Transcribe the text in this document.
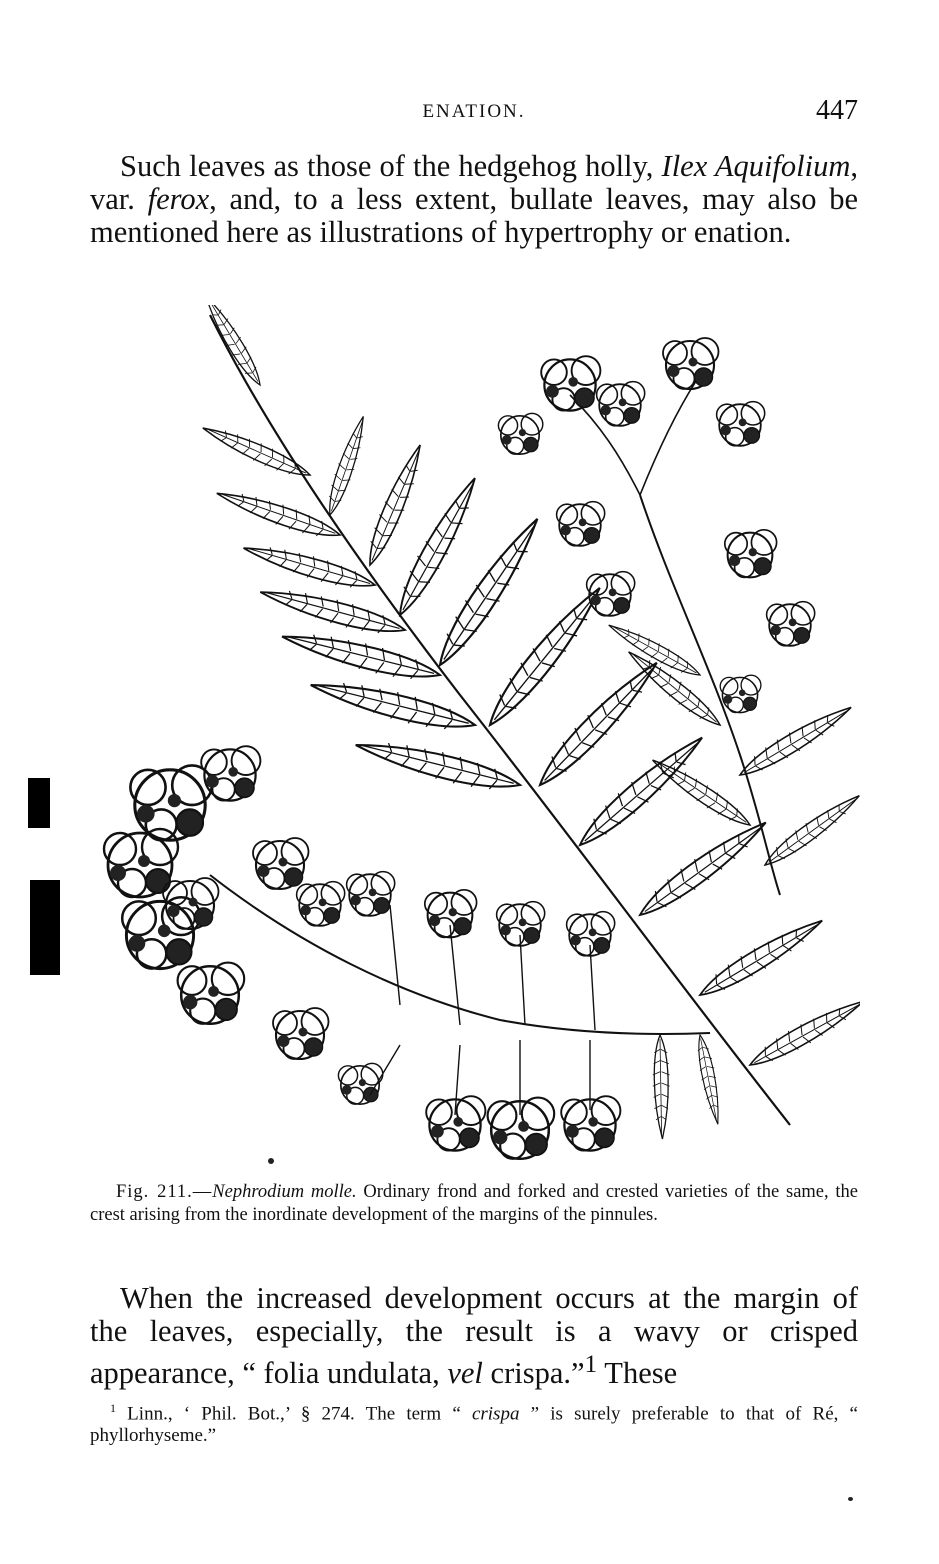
ENATION.	447

Such leaves as those of the hedgehog holly, Ilex Aquifolium, var. ferox, and, to a less extent, bullate leaves, may also be mentioned here as illustrations of hypertrophy or enation.

Fig. 211.—Nephrodium molle. Ordinary frond and forked and crested varieties of the same, the crest arising from the inordinate development of the margins of the pinnules.

When the increased development occurs at the margin of the leaves, especially, the result is a wavy or crisped appearance, “ folia undulata, vel crispa.”$^1$ These

$^1$ Linn., ‘ Phil. Bot.,’ § 274. The term “ crispa ” is surely preferable to that of Ré, “ phyllorhyseme.”
